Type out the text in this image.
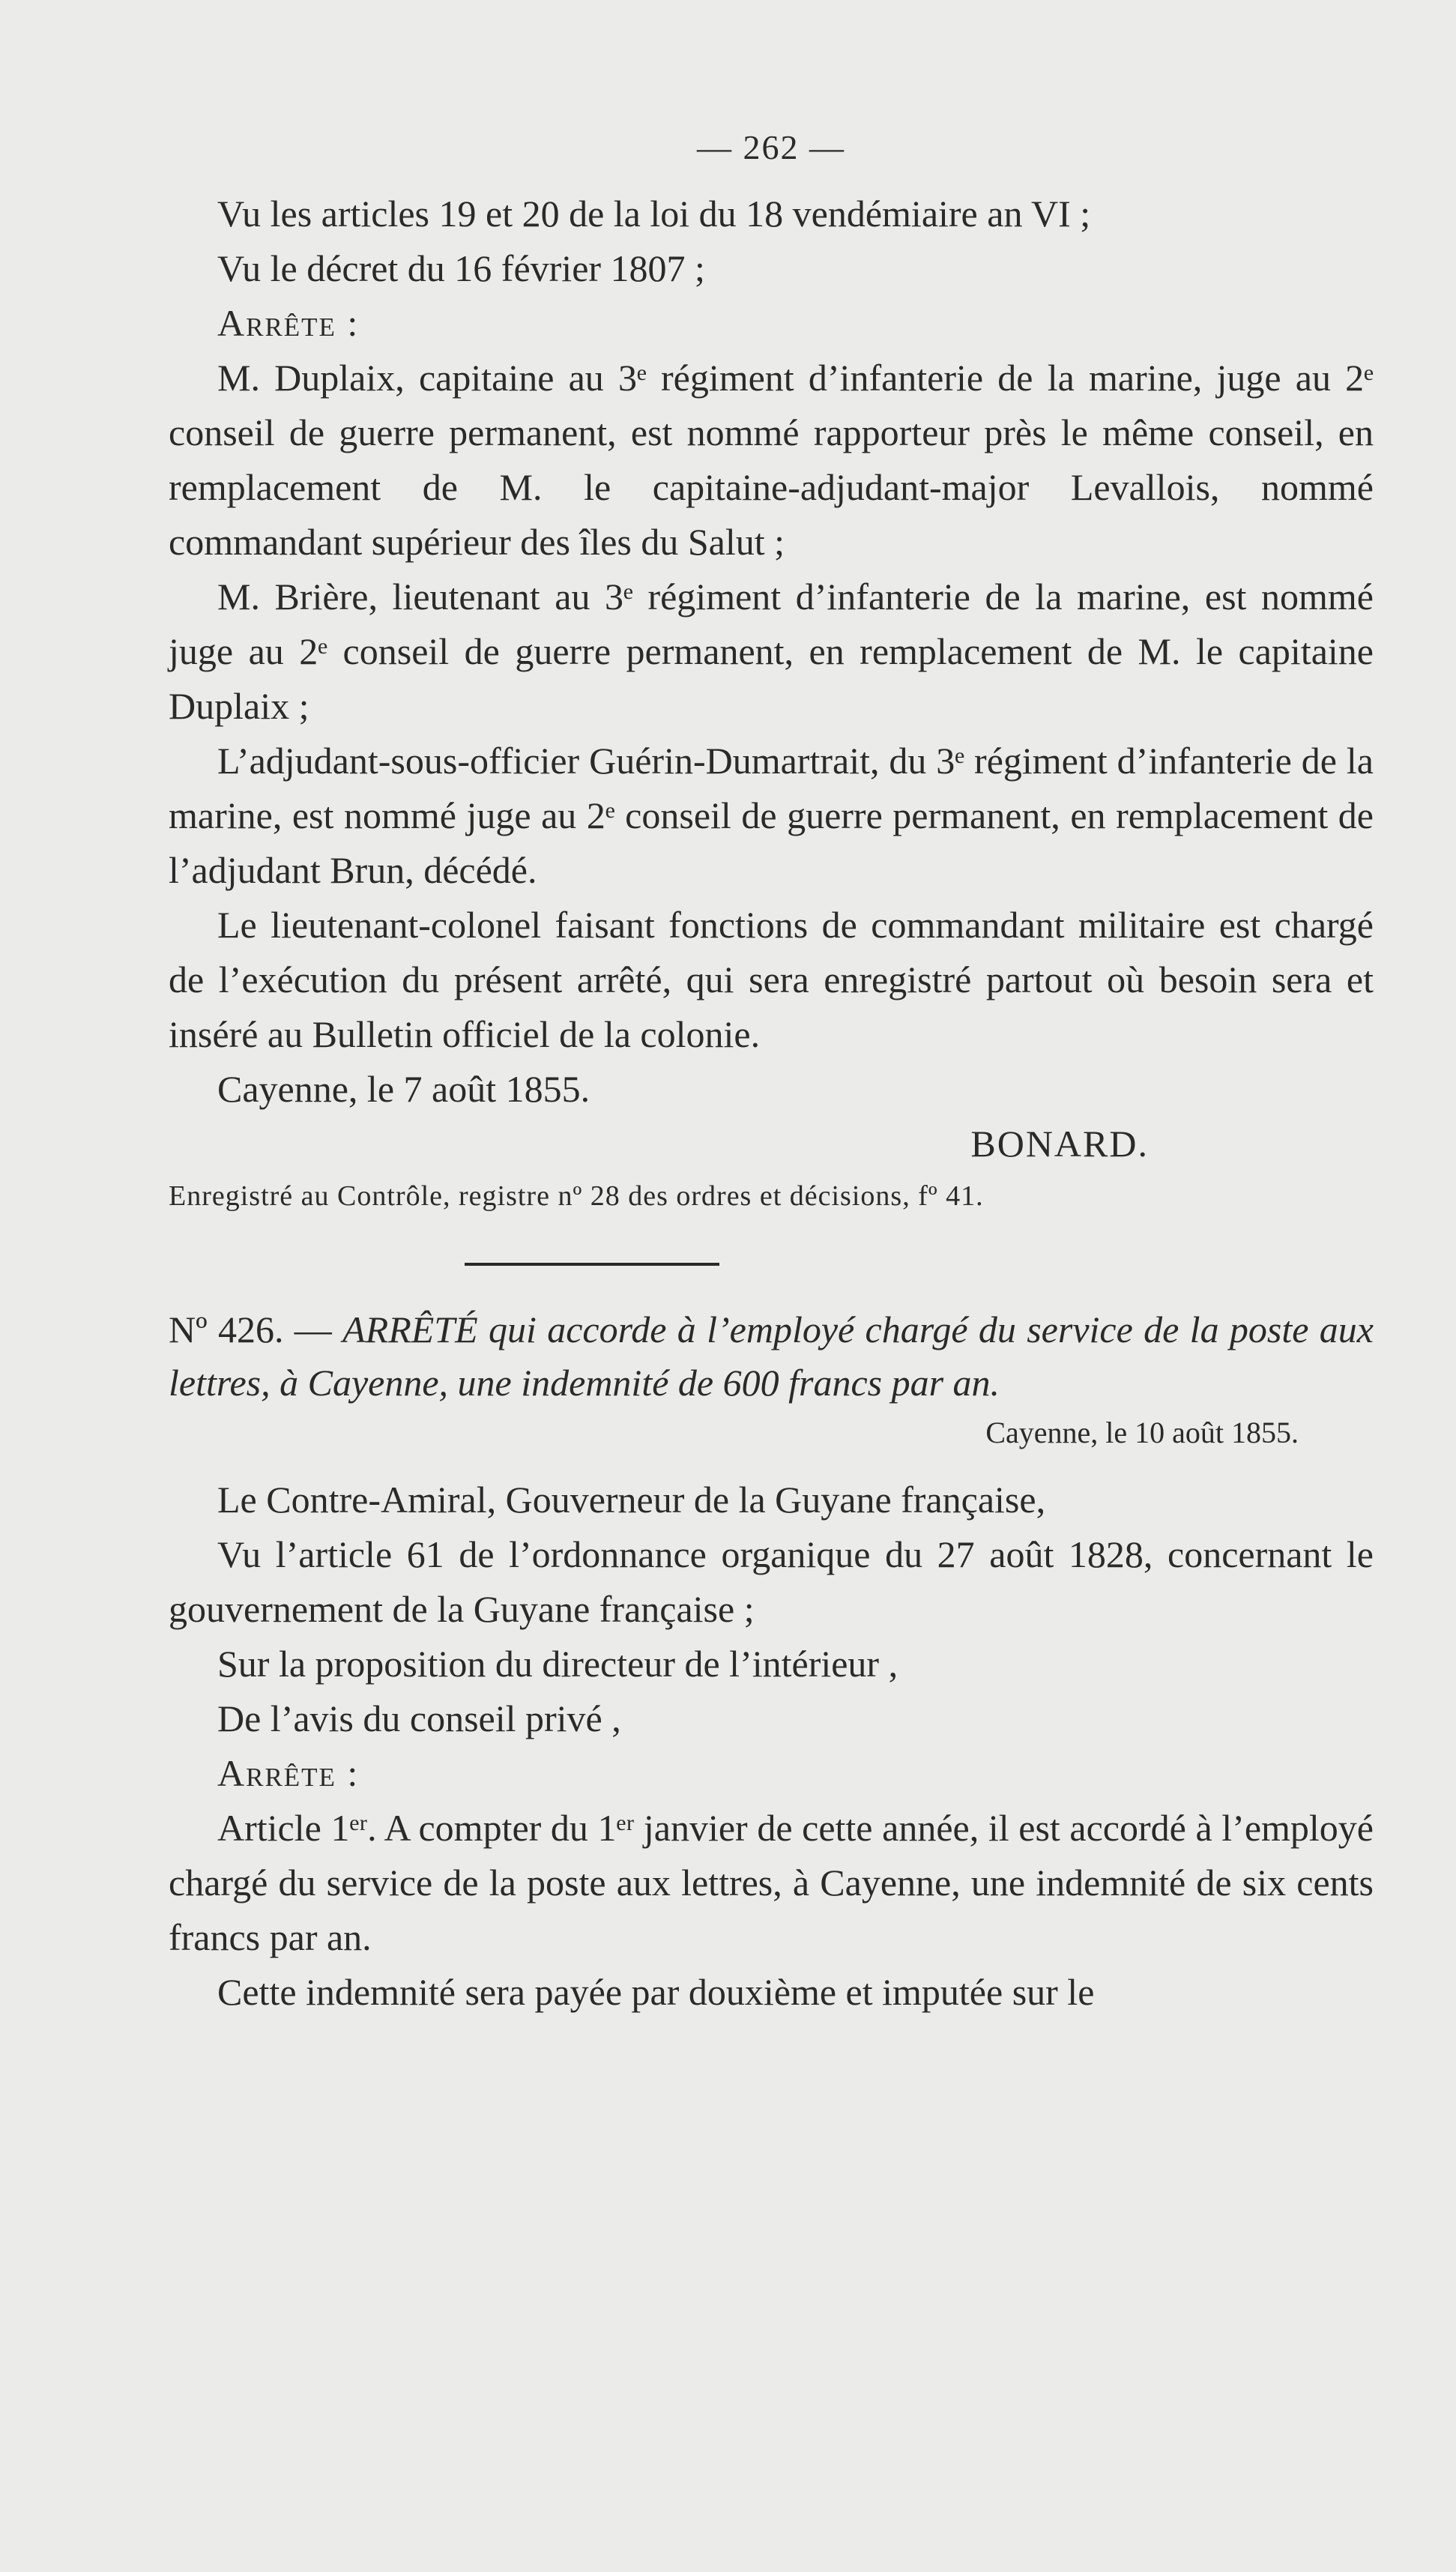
— 262 —

Vu les articles 19 et 20 de la loi du 18 vendémiaire an VI ;

Vu le décret du 16 février 1807 ;

Arrête :

M. Duplaix, capitaine au 3ᵉ régiment d’infanterie de la marine, juge au 2ᵉ conseil de guerre permanent, est nommé rapporteur près le même conseil, en remplacement de M. le capitaine-adjudant-major Levallois, nommé commandant supérieur des îles du Salut ;

M. Brière, lieutenant au 3ᵉ régiment d’infanterie de la marine, est nommé juge au 2ᵉ conseil de guerre permanent, en remplacement de M. le capitaine Duplaix ;

L’adjudant-sous-officier Guérin-Dumartrait, du 3ᵉ régiment d’infanterie de la marine, est nommé juge au 2ᵉ conseil de guerre permanent, en remplacement de l’adjudant Brun, décédé.

Le lieutenant-colonel faisant fonctions de commandant militaire est chargé de l’exécution du présent arrêté, qui sera enregistré partout où besoin sera et inséré au Bulletin officiel de la colonie.

Cayenne, le 7 août 1855.

BONARD.
Enregistré au Contrôle, registre nº 28 des ordres et décisions, fº 41.

Nº 426. — ARRÊTÉ qui accorde à l’employé chargé du service de la poste aux lettres, à Cayenne, une indemnité de 600 francs par an.

Cayenne, le 10 août 1855.

Le Contre-Amiral, Gouverneur de la Guyane française,

Vu l’article 61 de l’ordonnance organique du 27 août 1828, concernant le gouvernement de la Guyane française ;

Sur la proposition du directeur de l’intérieur ,

De l’avis du conseil privé ,

Arrête :

Article 1ᵉʳ. A compter du 1ᵉʳ janvier de cette année, il est accordé à l’employé chargé du service de la poste aux lettres, à Cayenne, une indemnité de six cents francs par an.

Cette indemnité sera payée par douxième et imputée sur le
